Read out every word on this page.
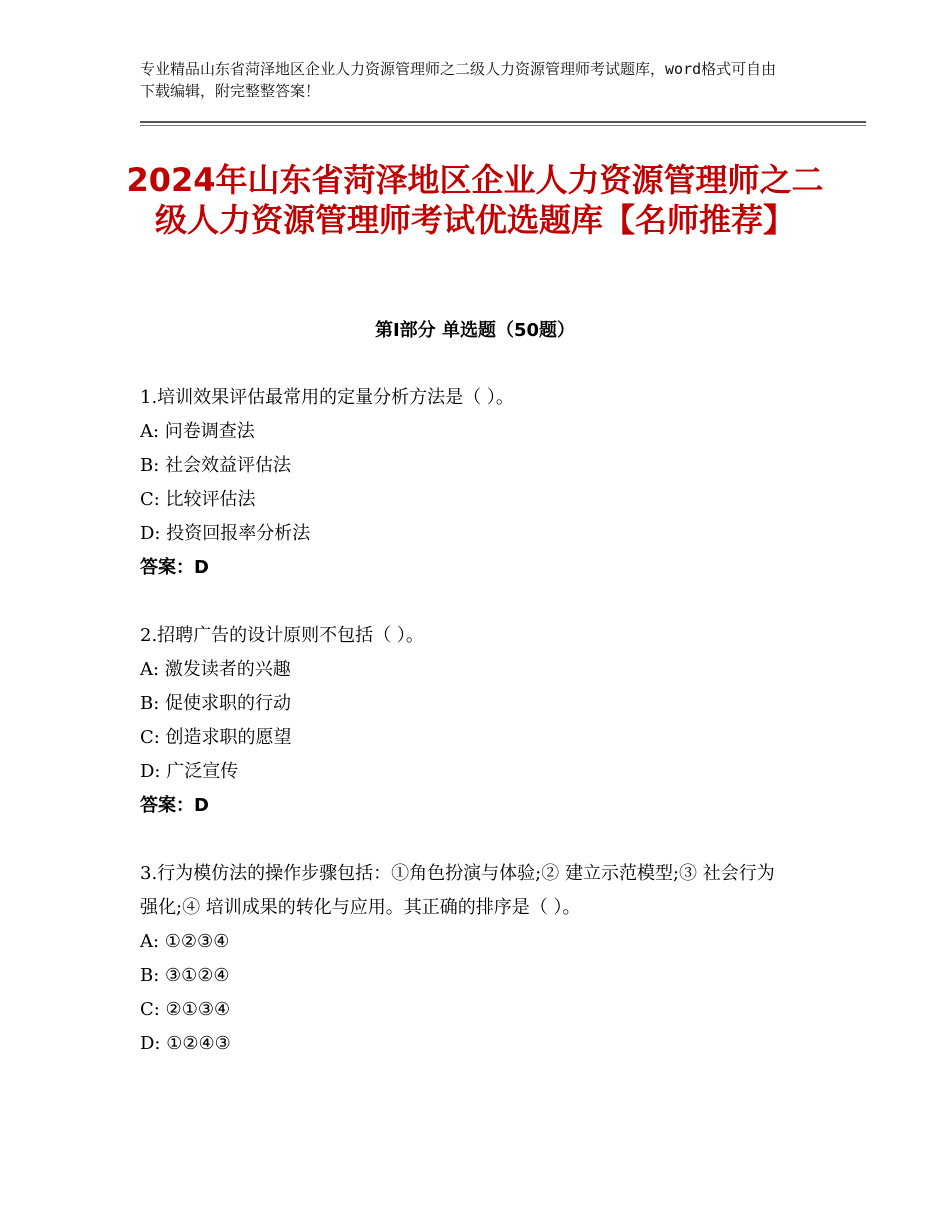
专业精品山东省菏泽地区企业人力资源管理师之二级人力资源管理师考试题库，word格式可自由下载编辑，附完整整答案！
2024年山东省菏泽地区企业人力资源管理师之二级人力资源管理师考试优选题库【名师推荐】
第Ⅰ部分 单选题（50题）
1.培训效果评估最常用的定量分析方法是（ ）。
A: 问卷调查法
B: 社会效益评估法
C: 比较评估法
D: 投资回报率分析法
答案：D
2.招聘广告的设计原则不包括（ ）。
A: 激发读者的兴趣
B: 促使求职的行动
C: 创造求职的愿望
D: 广泛宣传
答案：D
3.行为模仿法的操作步骤包括：①角色扮演与体验;② 建立示范模型;③ 社会行为强化;④ 培训成果的转化与应用。其正确的排序是（ ）。
A: ①②③④
B: ③①②④
C: ②①③④
D: ①②④③
